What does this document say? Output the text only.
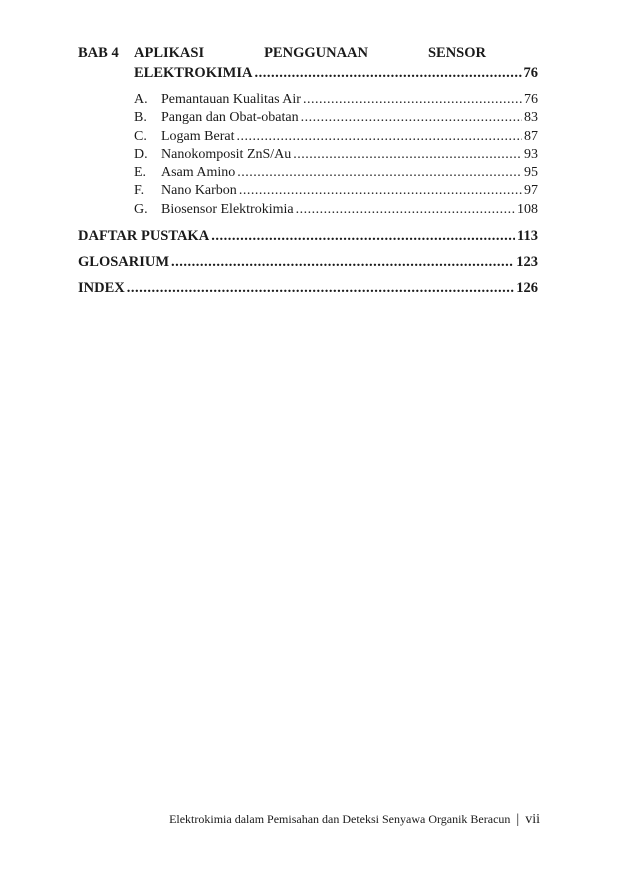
BAB 4	APLIKASI	PENGGUNAAN	SENSOR
ELEKTROKIMIA .....	76
A. Pemantauan Kualitas Air .....	76
B.	Pangan dan Obat-obatan .....	83
C.	Logam Berat .....	87
D. Nanokomposit ZnS/Au .....	93
E.	Asam Amino .....	95
F.	Nano Karbon .....	97
G. Biosensor Elektrokimia .....	108
DAFTAR PUSTAKA .....	113
GLOSARIUM .....	123
INDEX .....	126
Elektrokimia dalam Pemisahan dan Deteksi Senyawa Organik Beracun | vii
